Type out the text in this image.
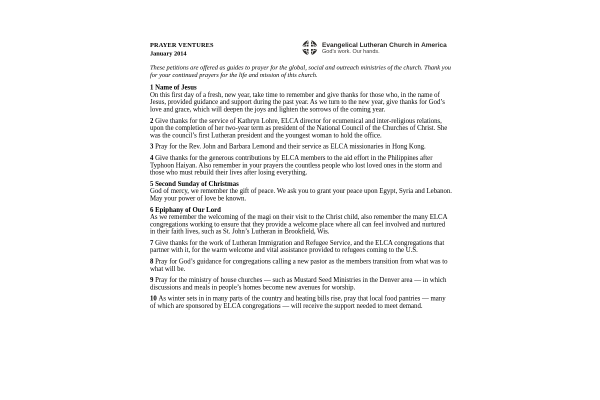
PRAYER VENTURES
January 2014
Evangelical Lutheran Church in America
God’s work. Our hands.

These petitions are offered as guides to prayer for the global, social and outreach ministries of the church. Thank you for your continued prayers for the life and mission of this church.

1 Name of Jesus

On this first day of a fresh, new year, take time to remember and give thanks for those who, in the name of Jesus, provided guidance and support during the past year. As we turn to the new year, give thanks for God’s love and grace, which will deepen the joys and lighten the sorrows of the coming year.

2 Give thanks for the service of Kathryn Lohre, ELCA director for ecumenical and inter-religious relations, upon the completion of her two-year term as president of the National Council of the Churches of Christ. She was the council’s first Lutheran president and the youngest woman to hold the office.

3 Pray for the Rev. John and Barbara Lemond and their service as ELCA missionaries in Hong Kong.

4 Give thanks for the generous contributions by ELCA members to the aid effort in the Philippines after Typhoon Haiyan. Also remember in your prayers the countless people who lost loved ones in the storm and those who must rebuild their lives after losing everything.

5 Second Sunday of Christmas

God of mercy, we remember the gift of peace. We ask you to grant your peace upon Egypt, Syria and Lebanon. May your power of love be known.

6 Epiphany of Our Lord

As we remember the welcoming of the magi on their visit to the Christ child, also remember the many ELCA congregations working to ensure that they provide a welcome place where all can feel involved and nurtured in their faith lives, such as St. John’s Lutheran in Brookfield, Wis.

7 Give thanks for the work of Lutheran Immigration and Refugee Service, and the ELCA congregations that partner with it, for the warm welcome and vital assistance provided to refugees coming to the U.S.

8 Pray for God’s guidance for congregations calling a new pastor as the members transition from what was to what will be.

9 Pray for the ministry of house churches — such as Mustard Seed Ministries in the Denver area — in which discussions and meals in people’s homes become new avenues for worship.

10 As winter sets in in many parts of the country and heating bills rise, pray that local food pantries — many of which are sponsored by ELCA congregations — will receive the support needed to meet demand.
